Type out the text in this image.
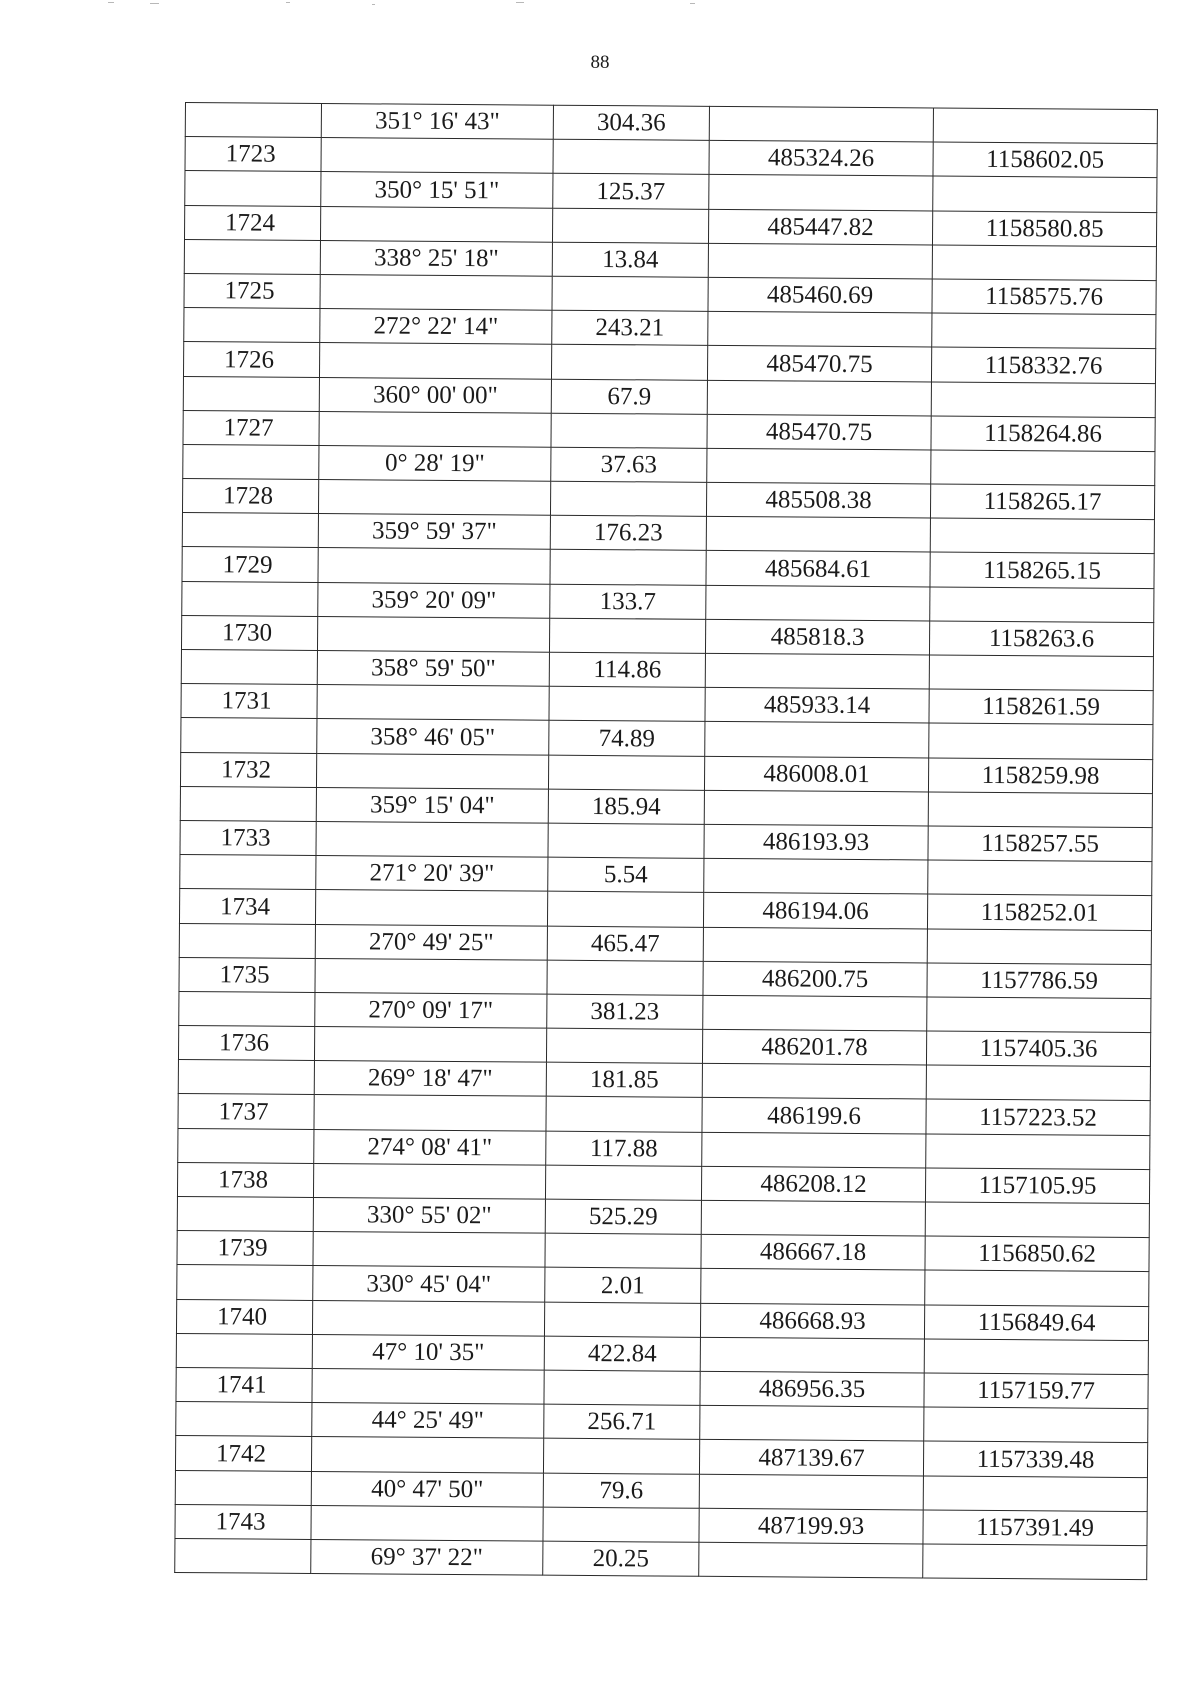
88
	351° 16' 43"	304.36		
1723			485324.26	1158602.05
	350° 15' 51"	125.37		
1724			485447.82	1158580.85
	338° 25' 18"	13.84		
1725			485460.69	1158575.76
	272° 22' 14"	243.21		
1726			485470.75	1158332.76
	360° 00' 00"	67.9		
1727			485470.75	1158264.86
	0° 28' 19"	37.63		
1728			485508.38	1158265.17
	359° 59' 37"	176.23		
1729			485684.61	1158265.15
	359° 20' 09"	133.7		
1730			485818.3	1158263.6
	358° 59' 50"	114.86		
1731			485933.14	1158261.59
	358° 46' 05"	74.89		
1732			486008.01	1158259.98
	359° 15' 04"	185.94		
1733			486193.93	1158257.55
	271° 20' 39"	5.54		
1734			486194.06	1158252.01
	270° 49' 25"	465.47		
1735			486200.75	1157786.59
	270° 09' 17"	381.23		
1736			486201.78	1157405.36
	269° 18' 47"	181.85		
1737			486199.6	1157223.52
	274° 08' 41"	117.88		
1738			486208.12	1157105.95
	330° 55' 02"	525.29		
1739			486667.18	1156850.62
	330° 45' 04"	2.01		
1740			486668.93	1156849.64
	47° 10' 35"	422.84		
1741			486956.35	1157159.77
	44° 25' 49"	256.71		
1742			487139.67	1157339.48
	40° 47' 50"	79.6		
1743			487199.93	1157391.49
	69° 37' 22"	20.25		
